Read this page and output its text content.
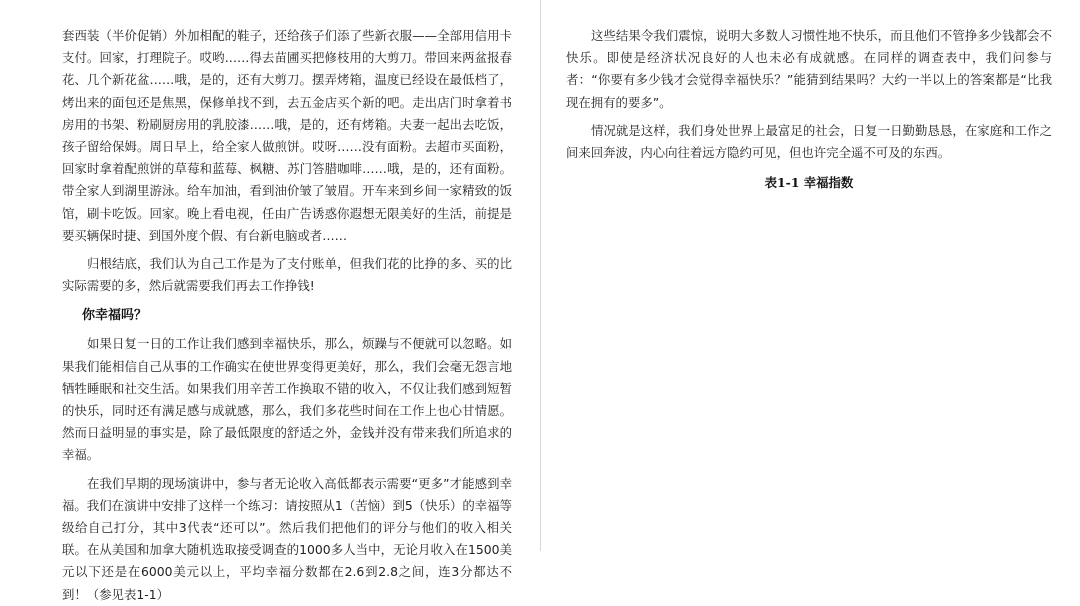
套西装（半价促销）外加相配的鞋子，还给孩子们添了些新衣服——全部用信用卡支付。回家，打理院子。哎哟……得去苗圃买把修枝用的大剪刀。带回来两盆报春花、几个新花盆……哦，是的，还有大剪刀。摆弄烤箱，温度已经设在最低档了，烤出来的面包还是焦黑，保修单找不到，去五金店买个新的吧。走出店门时拿着书房用的书架、粉刷厨房用的乳胶漆……哦，是的，还有烤箱。夫妻一起出去吃饭，孩子留给保姆。周日早上，给全家人做煎饼。哎呀……没有面粉。去超市买面粉，回家时拿着配煎饼的草莓和蓝莓、枫糖、苏门答腊咖啡……哦，是的，还有面粉。带全家人到湖里游泳。给车加油，看到油价皱了皱眉。开车来到乡间一家精致的饭馆，刷卡吃饭。回家。晚上看电视，任由广告诱惑你遐想无限美好的生活，前提是要买辆保时捷、到国外度个假、有台新电脑或者……

归根结底，我们认为自己工作是为了支付账单，但我们花的比挣的多、买的比实际需要的多，然后就需要我们再去工作挣钱!

你幸福吗？

如果日复一日的工作让我们感到幸福快乐，那么，烦躁与不便就可以忽略。如果我们能相信自己从事的工作确实在使世界变得更美好，那么，我们会毫无怨言地牺牲睡眠和社交生活。如果我们用辛苦工作换取不错的收入，不仅让我们感到短暂的快乐，同时还有满足感与成就感，那么，我们多花些时间在工作上也心甘情愿。然而日益明显的事实是，除了最低限度的舒适之外，金钱并没有带来我们所追求的幸福。

在我们早期的现场演讲中，参与者无论收入高低都表示需要“更多”才能感到幸福。我们在演讲中安排了这样一个练习：请按照从1（苦恼）到5（快乐）的幸福等级给自己打分，其中3代表“还可以”。然后我们把他们的评分与他们的收入相关联。在从美国和加拿大随机选取接受调查的1000多人当中，无论月收入在1500美元以下还是在6000美元以上，平均幸福分数都在2.6到2.8之间，连3分都达不到！（参见表1-1）

这些结果令我们震惊，说明大多数人习惯性地不快乐，而且他们不管挣多少钱都会不快乐。即使是经济状况良好的人也未必有成就感。在同样的调查表中，我们问参与者：“你要有多少钱才会觉得幸福快乐？”能猜到结果吗？大约一半以上的答案都是“比我现在拥有的要多”。

情况就是这样，我们身处世界上最富足的社会，日复一日勤勤恳恳，在家庭和工作之间来回奔波，内心向往着远方隐约可见，但也许完全遥不可及的东西。

表1-1 幸福指数
